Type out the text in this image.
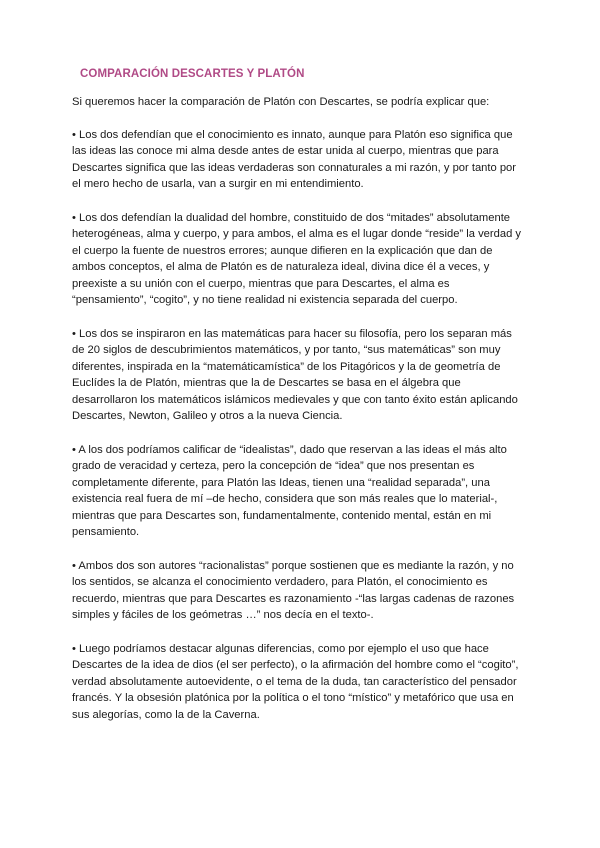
COMPARACIÓN DESCARTES Y PLATÓN

Si queremos hacer la comparación de Platón con Descartes, se podría explicar que:

• Los dos defendían que el conocimiento es innato, aunque para Platón eso significa que las ideas las conoce mi alma desde antes de estar unida al cuerpo, mientras que para Descartes significa que las ideas verdaderas son connaturales a mi razón, y por tanto por el mero hecho de usarla, van a surgir en mi entendimiento.

• Los dos defendían la dualidad del hombre, constituido de dos “mitades” absolutamente heterogéneas, alma y cuerpo, y para ambos, el alma es el lugar donde “reside” la verdad y el cuerpo la fuente de nuestros errores; aunque difieren en la explicación que dan de ambos conceptos, el alma de Platón es de naturaleza ideal, divina dice él a veces, y preexiste a su unión con el cuerpo, mientras que para Descartes, el alma es “pensamiento”, “cogito”, y no tiene realidad ni existencia separada del cuerpo.

• Los dos se inspiraron en las matemáticas para hacer su filosofía, pero los separan más de 20 siglos de descubrimientos matemáticos, y por tanto, “sus matemáticas” son muy diferentes, inspirada en la “matemáticamística” de los Pitagóricos y la de geometría de Euclídes la de Platón, mientras que la de Descartes se basa en el álgebra que desarrollaron los matemáticos islámicos medievales y que con tanto éxito están aplicando Descartes, Newton, Galileo y otros a la nueva Ciencia.

• A los dos podríamos calificar de “idealistas”, dado que reservan a las ideas el más alto grado de veracidad y certeza, pero la concepción de “idea” que nos presentan es completamente diferente, para Platón las Ideas, tienen una “realidad separada”, una existencia real fuera de mí –de hecho, considera que son más reales que lo material-, mientras que para Descartes son, fundamentalmente, contenido mental, están en mi pensamiento.

• Ambos dos son autores “racionalistas” porque sostienen que es mediante la razón, y no los sentidos, se alcanza el conocimiento verdadero, para Platón, el conocimiento es recuerdo, mientras que para Descartes es razonamiento -“las largas cadenas de razones simples y fáciles de los geómetras …” nos decía en el texto-.

• Luego podríamos destacar algunas diferencias, como por ejemplo el uso que hace Descartes de la idea de dios (el ser perfecto), o la afirmación del hombre como el “cogito”, verdad absolutamente autoevidente, o el tema de la duda, tan característico del pensador francés. Y la obsesión platónica por la política o el tono “místico” y metafórico que usa en sus alegorías, como la de la Caverna.
